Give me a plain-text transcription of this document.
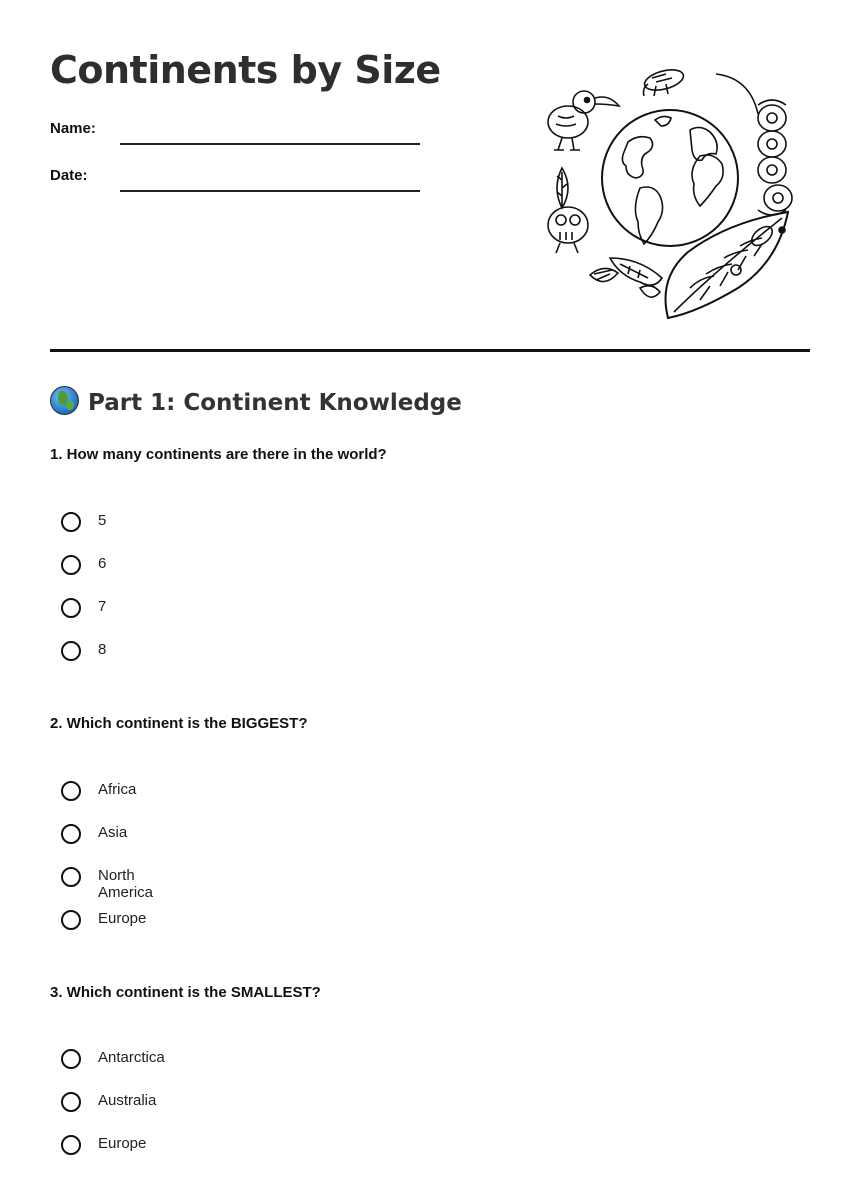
Continents by Size
Name:
Date:
Part 1: Continent Knowledge

1. How many continents are there in the world?

5
6
7
8

2. Which continent is the BIGGEST?

Africa
Asia
North America
Europe

3. Which continent is the SMALLEST?

Antarctica
Australia
Europe
